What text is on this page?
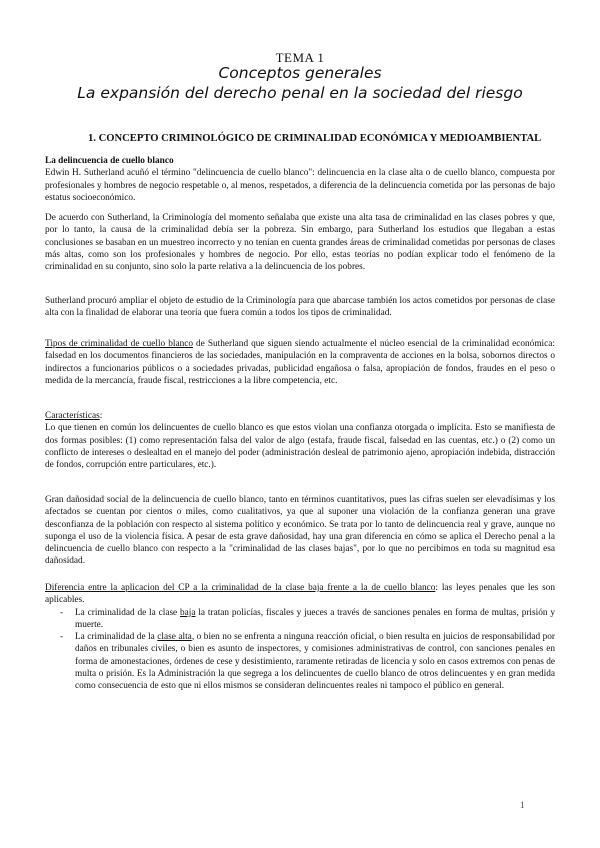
TEMA 1
Conceptos generales
La expansión del derecho penal en la sociedad del riesgo
1. CONCEPTO CRIMINOLÓGICO DE CRIMINALIDAD ECONÓMICA Y MEDIOAMBIENTAL

La delincuencia de cuello blanco

Edwin H. Sutherland acuñó el término "delincuencia de cuello blanco": delincuencia en la clase alta o de cuello blanco, compuesta por profesionales y hombres de negocio respetable o, al menos, respetados, a diferencia de la delincuencia cometida por las personas de bajo estatus socioeconómico.

De acuerdo con Sutherland, la Criminología del momento señalaba que existe una alta tasa de criminalidad en las clases pobres y que, por lo tanto, la causa de la criminalidad debía ser la pobreza. Sin embargo, para Sutherland los estudios que llegaban a estas conclusiones se basaban en un muestreo incorrecto y no tenían en cuenta grandes áreas de criminalidad cometidas por personas de clases más altas, como son los profesionales y hombres de negocio. Por ello, estas teorías no podían explicar todo el fenómeno de la criminalidad en su conjunto, sino solo la parte relativa a la delincuencia de los pobres.
Sutherland procuró ampliar el objeto de estudio de la Criminología para que abarcase también los actos cometidos por personas de clase alta con la finalidad de elaborar una teoría que fuera común a todos los tipos de criminalidad.
Tipos de criminalidad de cuello blanco de Sutherland que siguen siendo actualmente el núcleo esencial de la criminalidad económica: falsedad en los documentos financieros de las sociedades, manipulación en la compraventa de acciones en la bolsa, sobornos directos o indirectos a funcionarios públicos o a sociedades privadas, publicidad engañosa o falsa, apropiación de fondos, fraudes en el peso o medida de la mercancía, fraude fiscal, restricciones a la libre competencia, etc.

Características:

Lo que tienen en común los delincuentes de cuello blanco es que estos violan una confianza otorgada o implícita. Esto se manifiesta de dos formas posibles: (1) como representación falsa del valor de algo (estafa, fraude fiscal, falsedad en las cuentas, etc.) o (2) como un conflicto de intereses o deslealtad en el manejo del poder (administración desleal de patrimonio ajeno, apropiación indebida, distracción de fondos, corrupción entre particulares, etc.).

Gran dañosidad social de la delincuencia de cuello blanco, tanto en términos cuantitativos, pues las cifras suelen ser elevadísimas y los afectados se cuentan por cientos o miles, como cualitativos, ya que al suponer una violación de la confianza generan una grave desconfianza de la población con respecto al sistema político y económico. Se trata por lo tanto de delincuencia real y grave, aunque no suponga el uso de la violencia física. A pesar de esta grave dañosidad, hay una gran diferencia en cómo se aplica el Derecho penal a la delincuencia de cuello blanco con respecto a la "criminalidad de las clases bajas", por lo que no percibimos en toda su magnitud esa dañosidad.

Diferencia entre la aplicacion del CP a la criminalidad de la clase baja frente a la de cuello blanco: las leyes penales que les son aplicables.

- La criminalidad de la clase baja la tratan policías, fiscales y jueces a través de sanciones penales en forma de multas, prisión y muerte.
- La criminalidad de la clase alta, o bien no se enfrenta a ninguna reacción oficial, o bien resulta en juicios de responsabilidad por daños en tribunales civiles, o bien es asunto de inspectores, y comisiones administrativas de control, con sanciones penales en forma de amonestaciones, órdenes de cese y desistimiento, raramente retiradas de licencia y solo en casos extremos con penas de multa o prisión. Es la Administración la que segrega a los delincuentes de cuello blanco de otros delincuentes y en gran medida como consecuencia de esto que ni ellos mismos se consideran delincuentes reales ni tampoco el público en general.
1
